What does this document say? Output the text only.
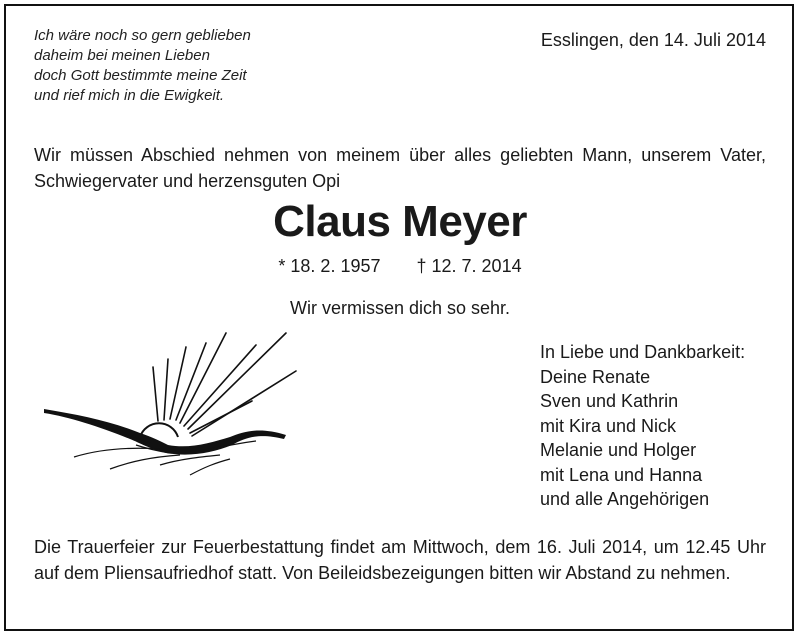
Ich wäre noch so gern geblieben
daheim bei meinen Lieben
doch Gott bestimmte meine Zeit
und rief mich in die Ewigkeit.
Esslingen, den 14. Juli 2014
Wir müssen Abschied nehmen von meinem über alles geliebten Mann, unserem Vater, Schwiegervater und herzensguten Opi
Claus Meyer
* 18. 2. 1957 † 12. 7. 2014
Wir vermissen dich so sehr.
In Liebe und Dankbarkeit:
Deine Renate
Sven und Kathrin
mit Kira und Nick
Melanie und Holger
mit Lena und Hanna
und alle Angehörigen
Die Trauerfeier zur Feuerbestattung findet am Mittwoch, dem 16. Juli 2014, um 12.45 Uhr auf dem Pliensaufriedhof statt. Von Beileidsbezeigungen bitten wir Abstand zu nehmen.
